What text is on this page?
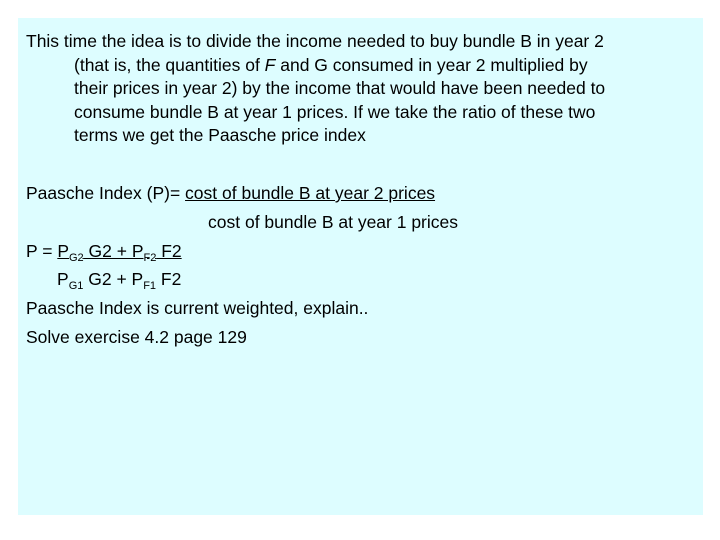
This time the idea is to divide the income needed to buy bundle B in year 2
(that is, the quantities of F and G consumed in year 2 multiplied by
their prices in year 2) by the income that would have been needed to
consume bundle B at year 1 prices. If we take the ratio of these two
terms we get the Paasche price index
Paasche Index (P)= cost of bundle B at year 2 prices
cost of bundle B at year 1 prices
$P = P_{G2}$ $G2 + P_{F2}$ F2
$P_{G1}$ $G2 + P_{F1}$ F2
Paasche Index is current weighted, explain..
Solve exercise 4.2 page 129
